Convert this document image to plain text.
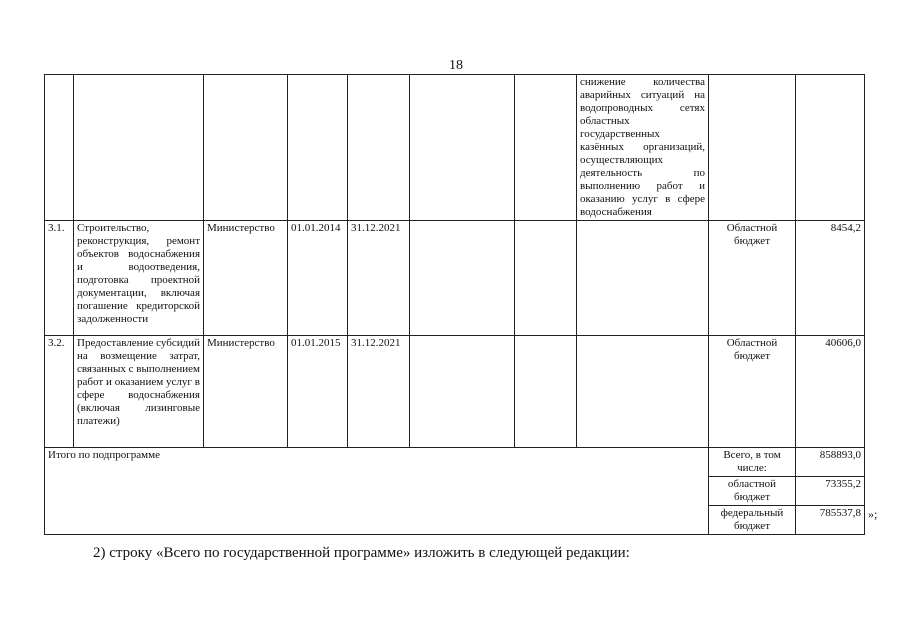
18
							снижение количества аварийных ситуаций на водопроводных сетях областных государственных казённых организаций, осуществляющих деятельность по выполнению работ и оказанию услуг в сфере водоснабжения		
3.1.	Строительство, реконструкция, ремонт объектов водоснабжения и водоотведения, подготовка проектной документации, включая погашение кредиторской задолженности	Министерство	01.01.2014	31.12.2021				Областной бюджет	8454,2
3.2.	Предоставление субсидий на возмещение затрат, связанных с выполнением работ и оказанием услуг в сфере водоснабжения (включая лизинговые платежи)	Министерство	01.01.2015	31.12.2021				Областной бюджет	40606,0
Итого по подпрограмме								Всего, в том числе:	858893,0
								областной бюджет	73355,2
								федеральный бюджет	785537,8 »;
2) строку «Всего по государственной программе» изложить в следующей редакции:
